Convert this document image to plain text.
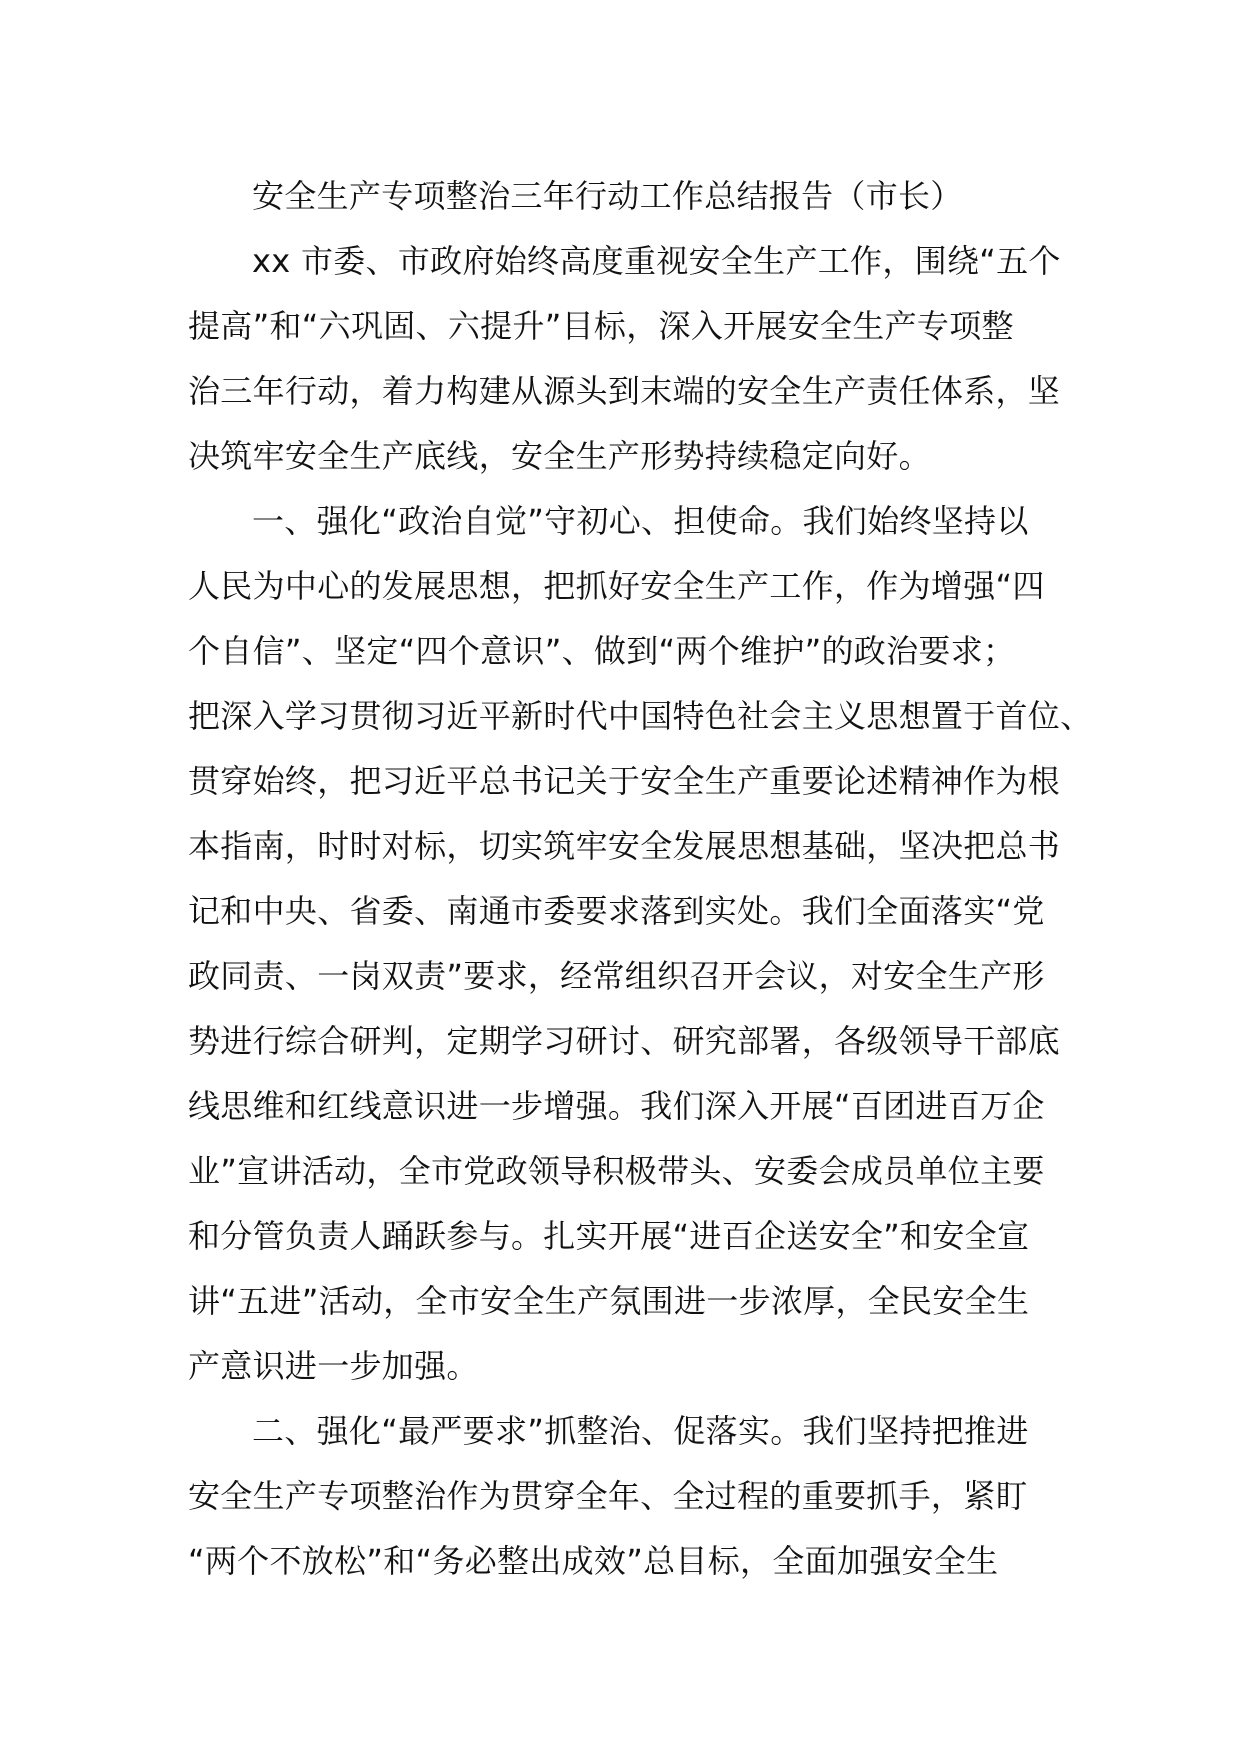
安全生产专项整治三年行动工作总结报告（市长）
xx 市委、市政府始终高度重视安全生产工作，围绕“五个
提高”和“六巩固、六提升”目标，深入开展安全生产专项整
治三年行动，着力构建从源头到末端的安全生产责任体系，坚
决筑牢安全生产底线，安全生产形势持续稳定向好。
一、强化“政治自觉”守初心、担使命。我们始终坚持以
人民为中心的发展思想，把抓好安全生产工作，作为增强“四
个自信”、坚定“四个意识”、做到“两个维护”的政治要求；
把深入学习贯彻习近平新时代中国特色社会主义思想置于首位、
贯穿始终，把习近平总书记关于安全生产重要论述精神作为根
本指南，时时对标，切实筑牢安全发展思想基础，坚决把总书
记和中央、省委、南通市委要求落到实处。我们全面落实“党
政同责、一岗双责”要求，经常组织召开会议，对安全生产形
势进行综合研判，定期学习研讨、研究部署，各级领导干部底
线思维和红线意识进一步增强。我们深入开展“百团进百万企
业”宣讲活动，全市党政领导积极带头、安委会成员单位主要
和分管负责人踊跃参与。扎实开展“进百企送安全”和安全宣
讲“五进”活动，全市安全生产氛围进一步浓厚，全民安全生
产意识进一步加强。
二、强化“最严要求”抓整治、促落实。我们坚持把推进
安全生产专项整治作为贯穿全年、全过程的重要抓手，紧盯
“两个不放松”和“务必整出成效”总目标，全面加强安全生
